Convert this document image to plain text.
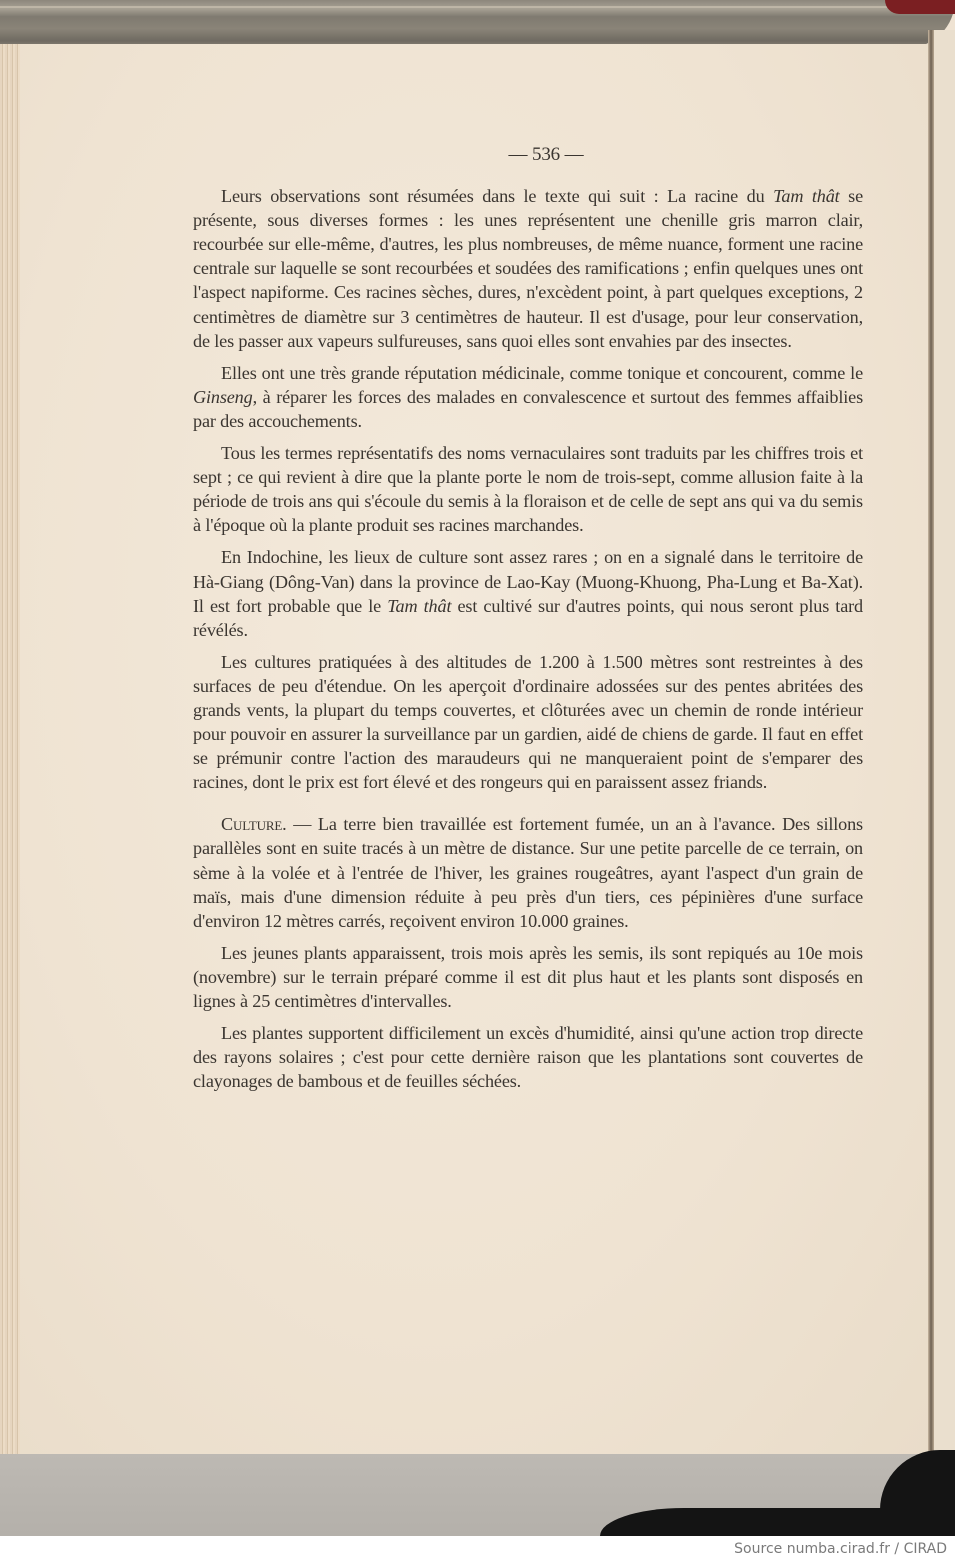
— 536 —

Leurs observations sont résumées dans le texte qui suit : La racine du Tam thât se présente, sous diverses formes : les unes représentent une chenille gris marron clair, recourbée sur elle-même, d'autres, les plus nombreuses, de même nuance, forment une racine centrale sur laquelle se sont recourbées et soudées des ramifications ; enfin quelques unes ont l'aspect napiforme. Ces racines sèches, dures, n'excèdent point, à part quelques exceptions, 2 centimètres de diamètre sur 3 centimètres de hauteur. Il est d'usage, pour leur conservation, de les passer aux vapeurs sulfureuses, sans quoi elles sont envahies par des insectes.

Elles ont une très grande réputation médicinale, comme tonique et concourent, comme le Ginseng, à réparer les forces des malades en convalescence et surtout des femmes affaiblies par des accouchements.

Tous les termes représentatifs des noms vernaculaires sont traduits par les chiffres trois et sept ; ce qui revient à dire que la plante porte le nom de trois-sept, comme allusion faite à la période de trois ans qui s'écoule du semis à la floraison et de celle de sept ans qui va du semis à l'époque où la plante produit ses racines marchandes.

En Indochine, les lieux de culture sont assez rares ; on en a signalé dans le territoire de Hà-Giang (Dông-Van) dans la province de Lao-Kay (Muong-Khuong, Pha-Lung et Ba-Xat). Il est fort probable que le Tam thât est cultivé sur d'autres points, qui nous seront plus tard révélés.

Les cultures pratiquées à des altitudes de 1.200 à 1.500 mètres sont restreintes à des surfaces de peu d'étendue. On les aperçoit d'ordinaire adossées sur des pentes abritées des grands vents, la plupart du temps couvertes, et clôturées avec un chemin de ronde intérieur pour pouvoir en assurer la surveillance par un gardien, aidé de chiens de garde. Il faut en effet se prémunir contre l'action des maraudeurs qui ne manqueraient point de s'emparer des racines, dont le prix est fort élevé et des rongeurs qui en paraissent assez friands.

Culture. — La terre bien travaillée est fortement fumée, un an à l'avance. Des sillons parallèles sont en suite tracés à un mètre de distance. Sur une petite parcelle de ce terrain, on sème à la volée et à l'entrée de l'hiver, les graines rougeâtres, ayant l'aspect d'un grain de maïs, mais d'une dimension réduite à peu près d'un tiers, ces pépinières d'une surface d'environ 12 mètres carrés, reçoivent environ 10.000 graines.

Les jeunes plants apparaissent, trois mois après les semis, ils sont repiqués au 10e mois (novembre) sur le terrain préparé comme il est dit plus haut et les plants sont disposés en lignes à 25 centimètres d'intervalles.

Les plantes supportent difficilement un excès d'humidité, ainsi qu'une action trop directe des rayons solaires ; c'est pour cette dernière raison que les plantations sont couvertes de clayonages de bambous et de feuilles séchées.

Source numba.cirad.fr / CIRAD
